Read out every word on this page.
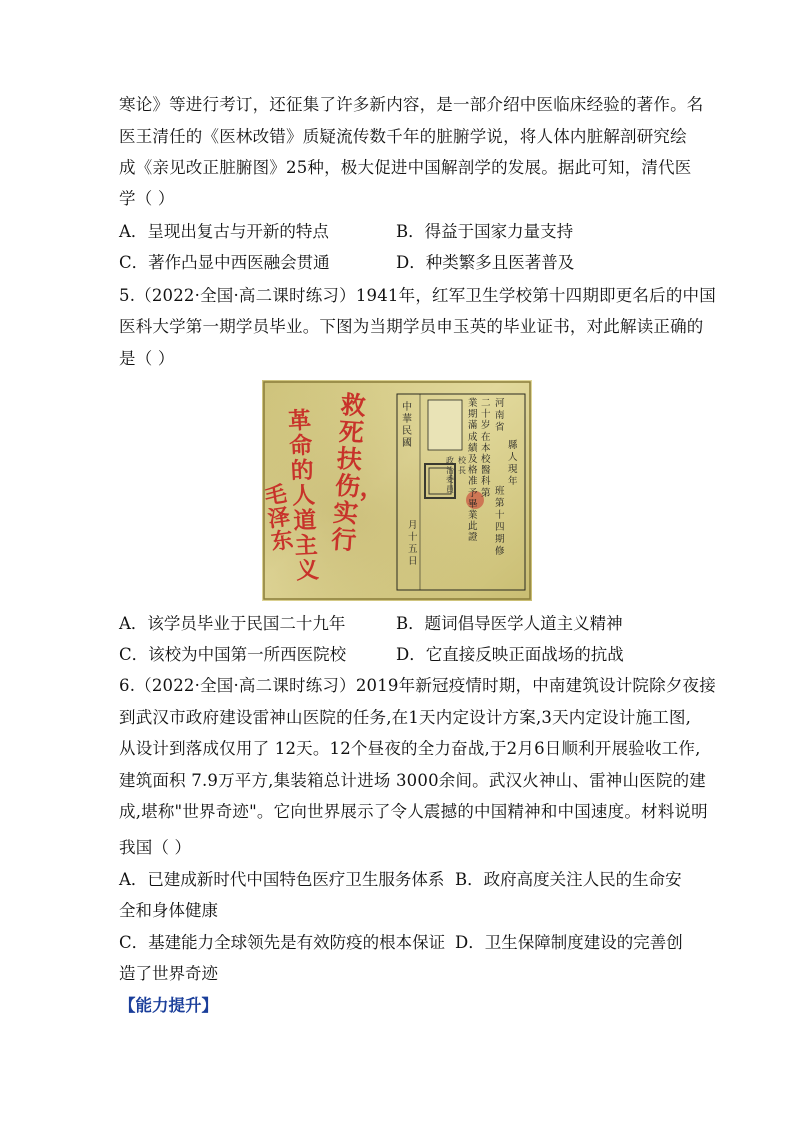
寒论》等进行考订，还征集了许多新内容，是一部介绍中医临床经验的著作。名
医王清任的《医林改错》质疑流传数千年的脏腑学说，将人体内脏解剖研究绘
成《亲见改正脏腑图》25种，极大促进中国解剖学的发展。据此可知，清代医
学（ ）
A．呈现出复古与开新的特点	B．得益于国家力量支持
C．著作凸显中西医融会贯通	D．种类繁多且医著普及
5.（2022·全国·高二课时练习）1941年，红军卫生学校第十四期即更名后的中国
医科大学第一期学员毕业。下图为当期学员申玉英的毕业证书，对此解读正确的
是（ ）
中華民國
業期滿成績及格准予畢業此證
二十岁在本校醫科第
河南省
縣人現年
班第十四期修
月十五日
校長
政治委員
救死扶伤，实行
革命的人道主义
毛泽东
A．该学员毕业于民国二十九年	B．题词倡导医学人道主义精神
C．该校为中国第一所西医院校	D．它直接反映正面战场的抗战
6.（2022·全国·高二课时练习）2019年新冠疫情时期，中南建筑设计院除夕夜接
到武汉市政府建设雷神山医院的任务,在1天内定设计方案,3天内定设计施工图,
从设计到落成仅用了 12天。12个昼夜的全力奋战,于2月6日顺利开展验收工作,
建筑面积 7.9万平方,集装箱总计进场 3000余间。武汉火神山、雷神山医院的建
成,堪称"世界奇迹"。它向世界展示了令人震撼的中国精神和中国速度。材料说明
我国（ ）
A．已建成新时代中国特色医疗卫生服务体系 B．政府高度关注人民的生命安
全和身体健康
C．基建能力全球领先是有效防疫的根本保证 D．卫生保障制度建设的完善创
造了世界奇迹
【能力提升】
